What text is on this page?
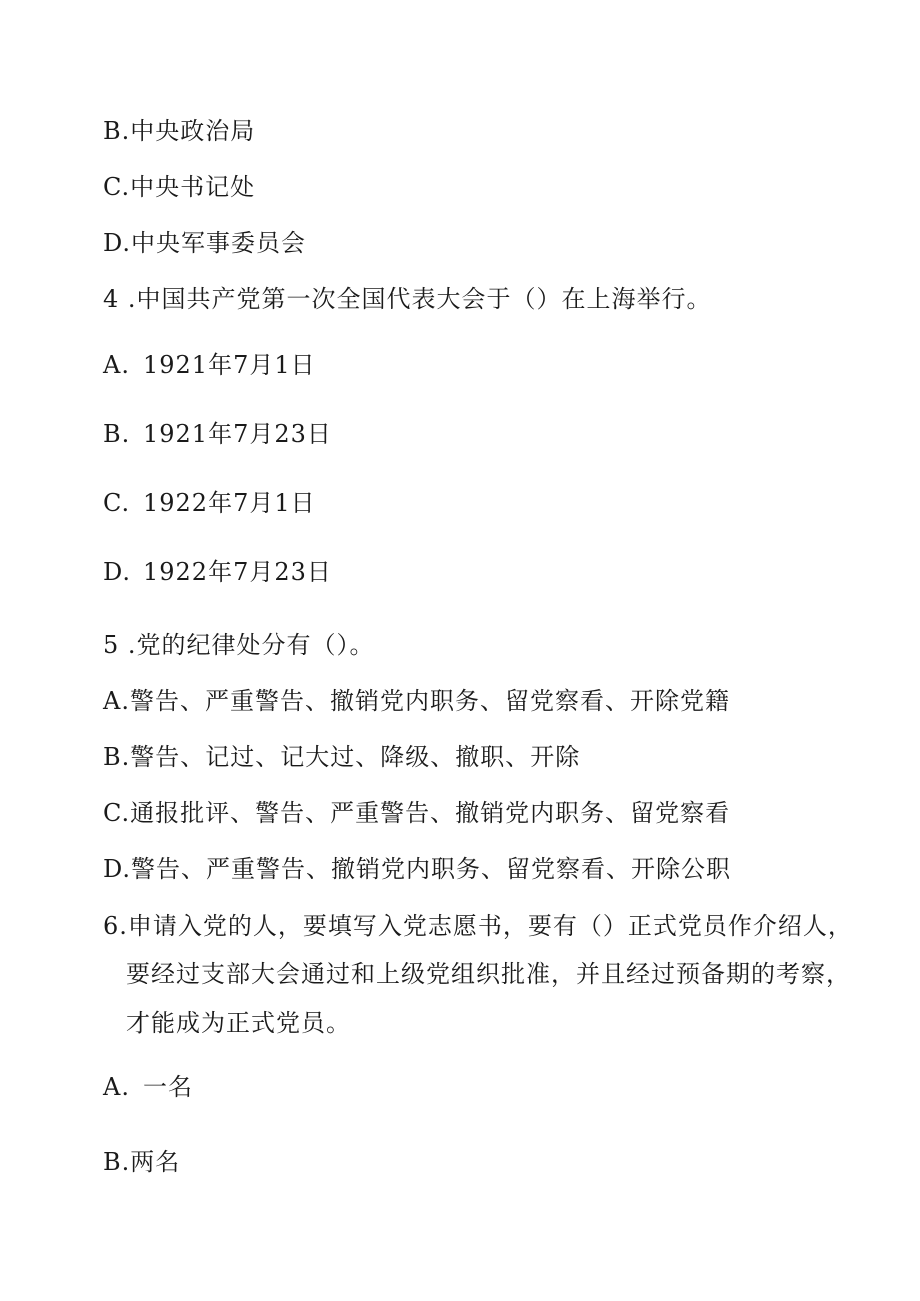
B.中央政治局
C.中央书记处
D.中央军事委员会
4 .中国共产党第一次全国代表大会于（）在上海举行。
A. 1921年7月1日
B. 1921年7月23日
C. 1922年7月1日
D. 1922年7月23日
5 .党的纪律处分有（）。
A.警告、严重警告、撤销党内职务、留党察看、开除党籍
B.警告、记过、记大过、降级、撤职、开除
C.通报批评、警告、严重警告、撤销党内职务、留党察看
D.警告、严重警告、撤销党内职务、留党察看、开除公职
6.申请入党的人，要填写入党志愿书，要有（）正式党员作介绍人，
要经过支部大会通过和上级党组织批准，并且经过预备期的考察，
才能成为正式党员。
A. 一名
B.两名
